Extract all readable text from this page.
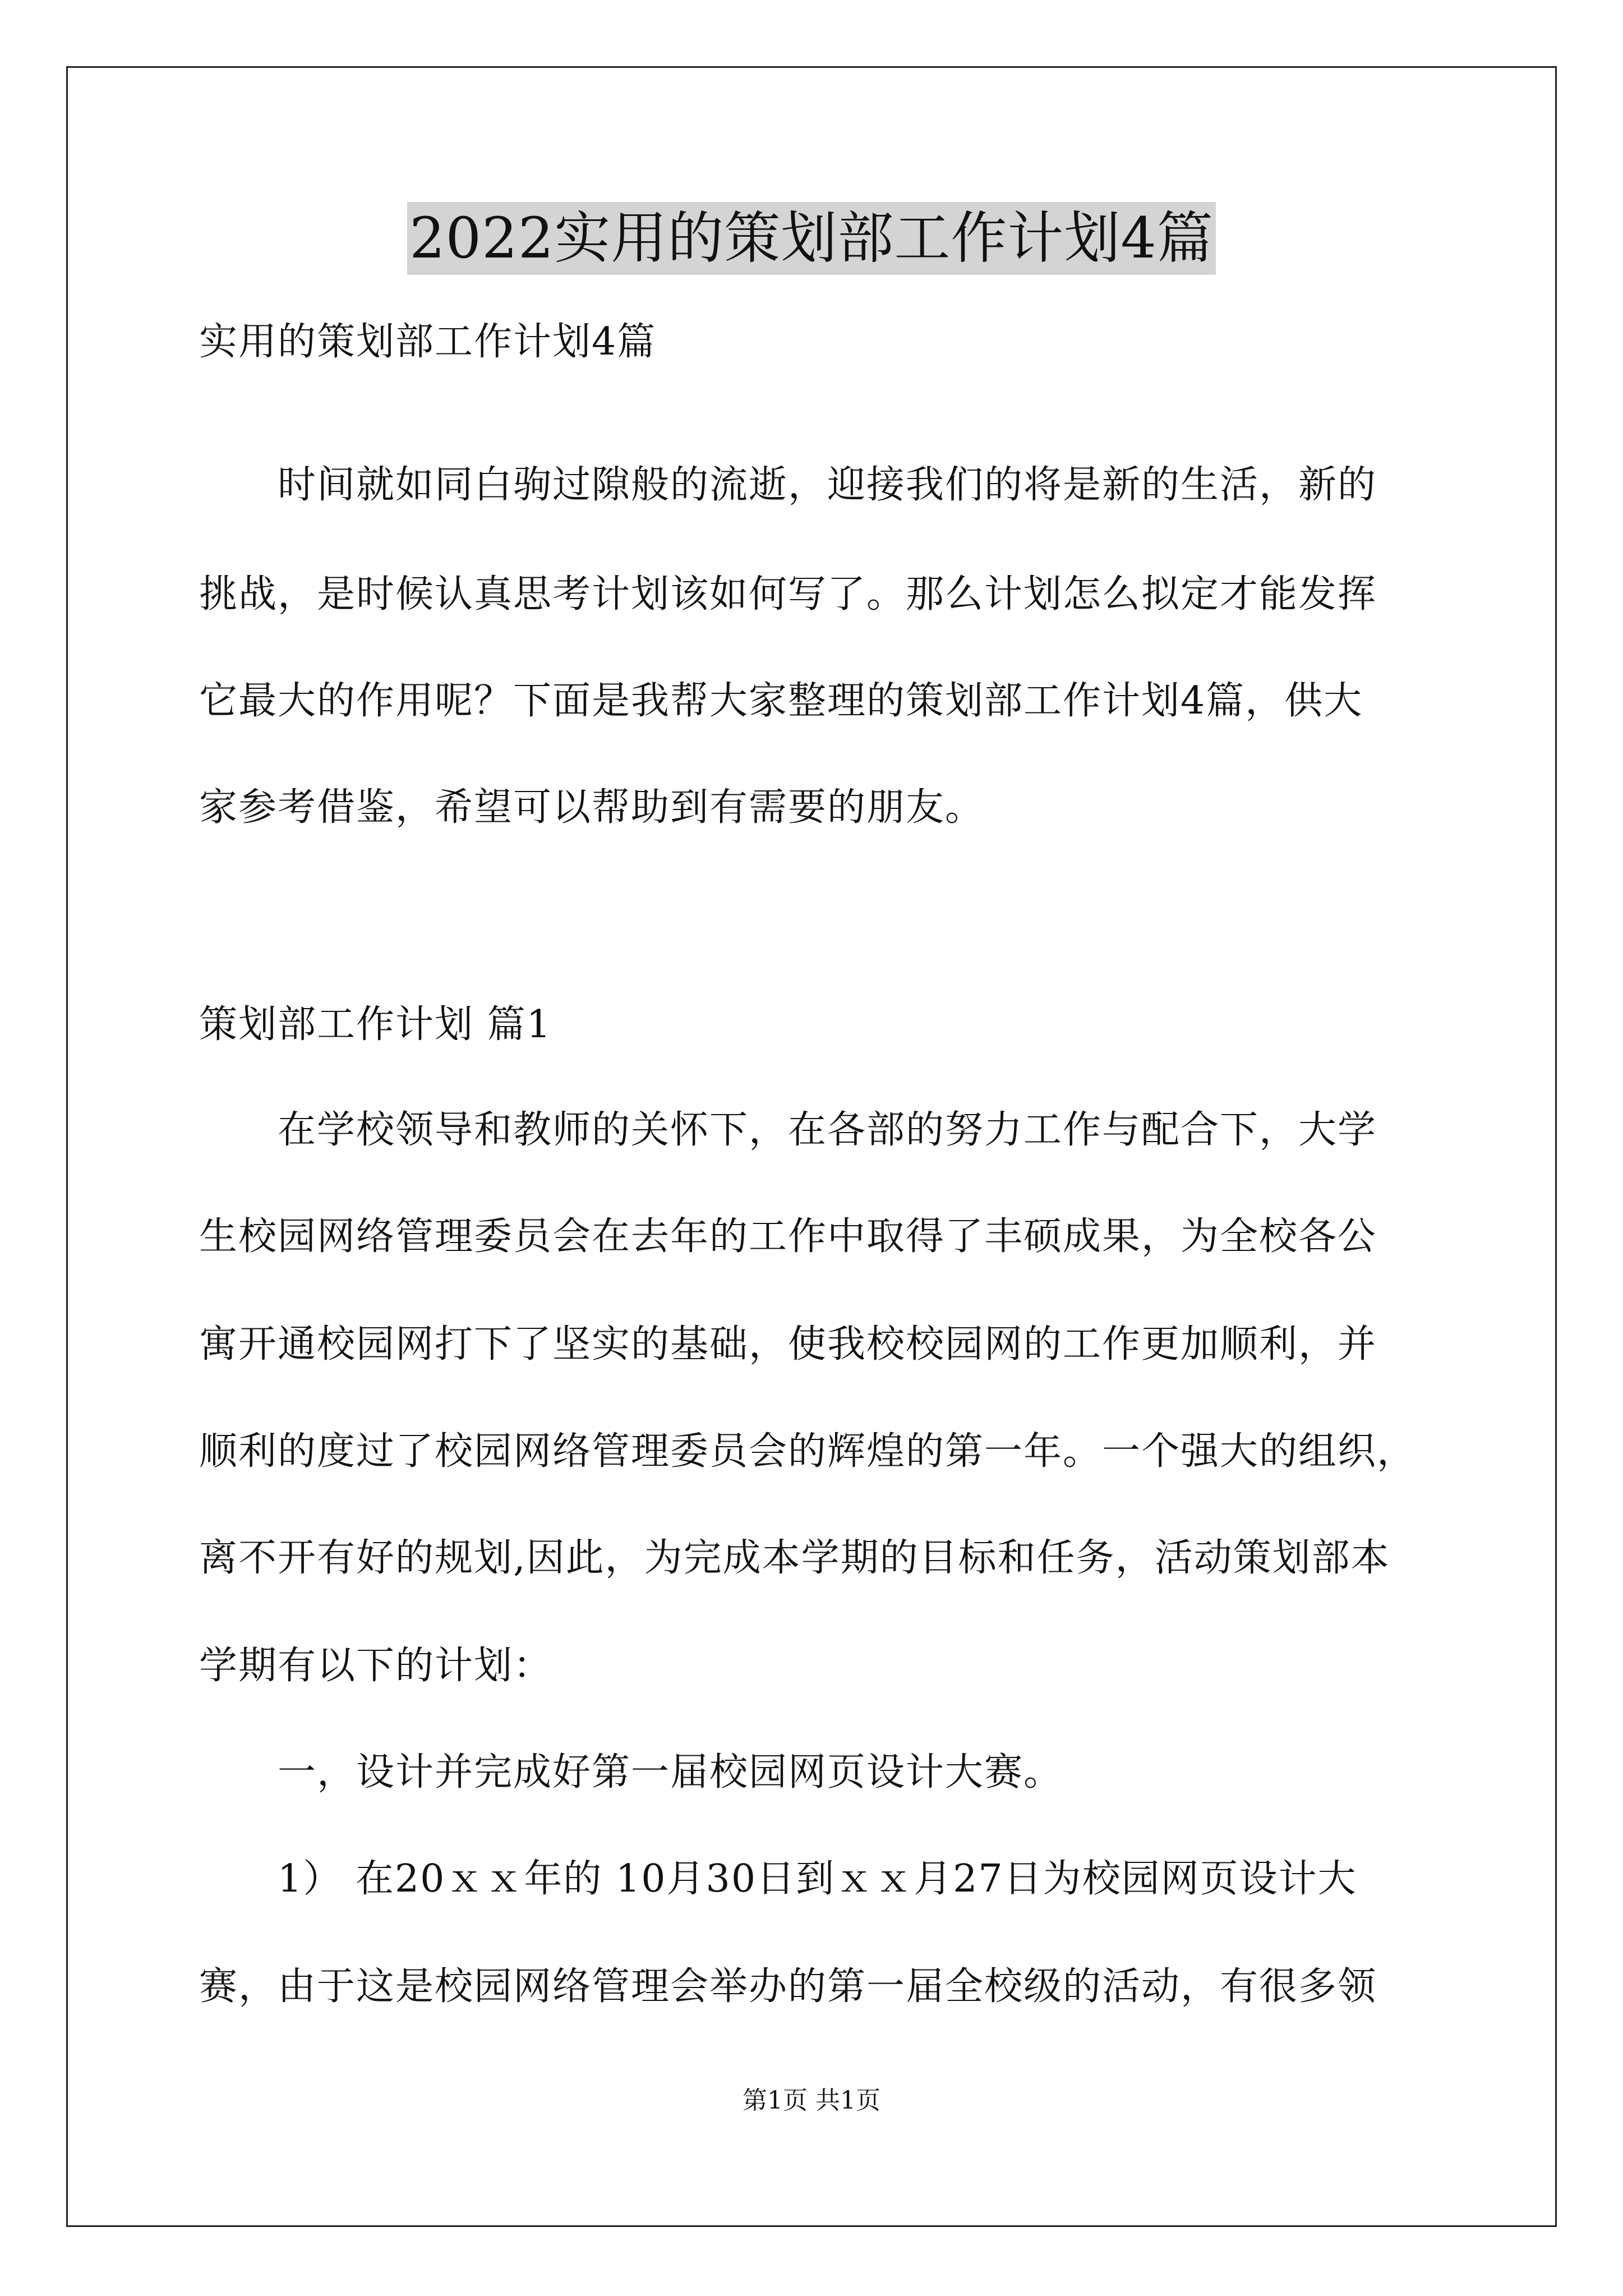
2022实用的策划部工作计划4篇
实用的策划部工作计划4篇
时间就如同白驹过隙般的流逝，迎接我们的将是新的生活，新的
挑战，是时候认真思考计划该如何写了。那么计划怎么拟定才能发挥
它最大的作用呢？下面是我帮大家整理的策划部工作计划4篇，供大
家参考借鉴，希望可以帮助到有需要的朋友。
策划部工作计划 篇1
在学校领导和教师的关怀下，在各部的努力工作与配合下，大学
生校园网络管理委员会在去年的工作中取得了丰硕成果，为全校各公
寓开通校园网打下了坚实的基础，使我校校园网的工作更加顺利，并
顺利的度过了校园网络管理委员会的辉煌的第一年。一个强大的组织，
离不开有好的规划,因此，为完成本学期的目标和任务，活动策划部本
学期有以下的计划：
一，设计并完成好第一届校园网页设计大赛。
1） 在20ｘｘ年的 10月30日到ｘｘ月27日为校园网页设计大
赛，由于这是校园网络管理会举办的第一届全校级的活动，有很多领
第1页 共1页
